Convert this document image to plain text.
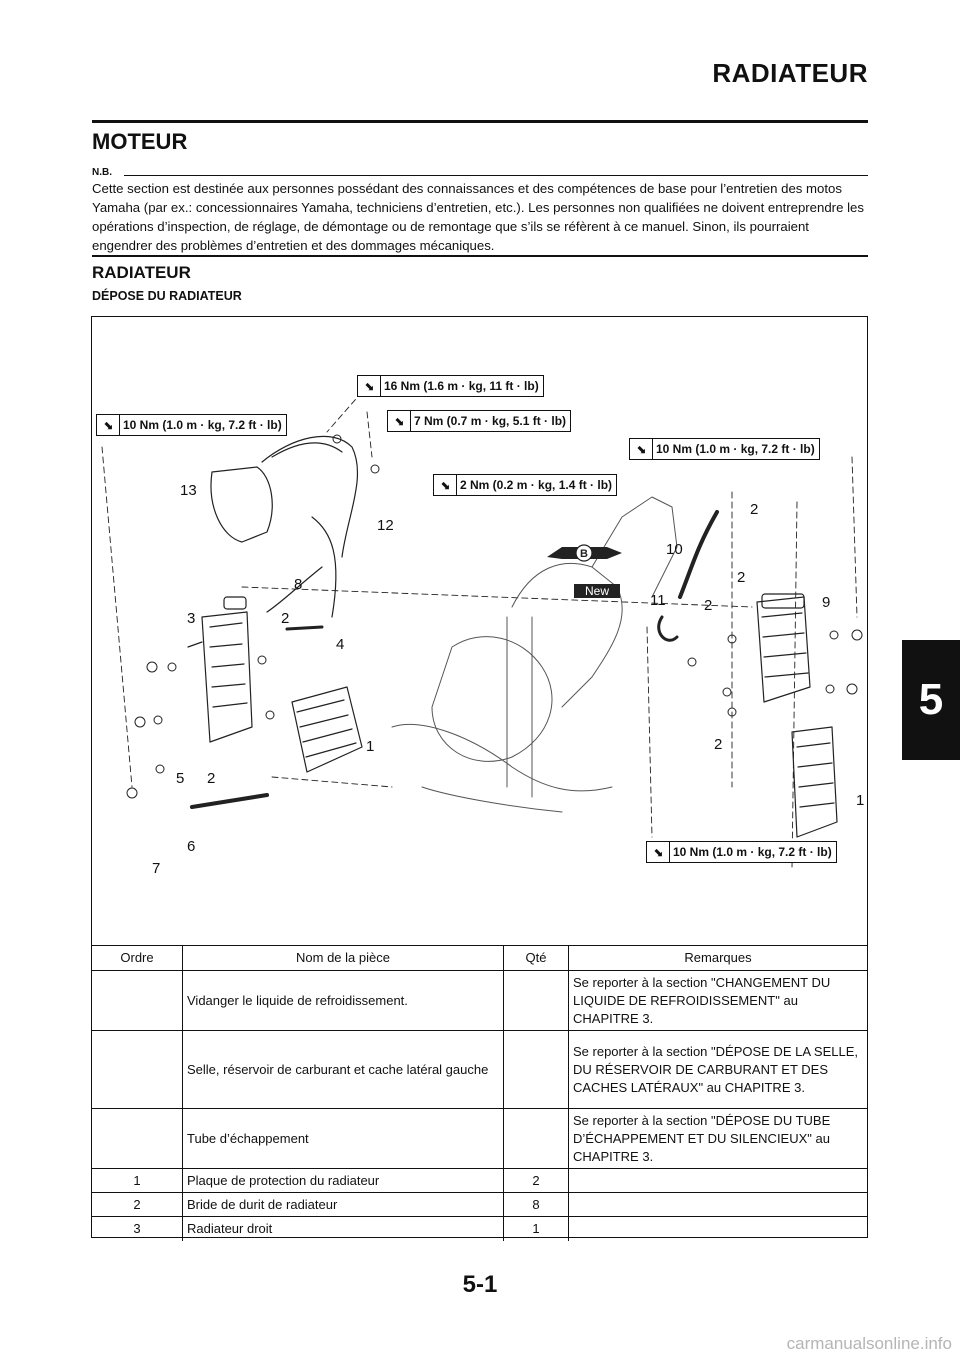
RADIATEUR
MOTEUR
N.B.
Cette section est destinée aux personnes possédant des connaissances et des compétences de base pour l’entretien des motos Yamaha (par ex.: concessionnaires Yamaha, techniciens d’entretien, etc.). Les personnes non qualifiées ne doivent entreprendre les opérations d’inspection, de réglage, de démontage ou de remontage que s’ils se réfèrent à ce manuel. Sinon, ils pourraient engendrer des problèmes d’entretien et des dommages mécaniques.
RADIATEUR
DÉPOSE DU RADIATEUR
13
12
8
3	2
4
5 2
6
7
1
2
10
2
11
2
9
2
1
New
B
⬊ 16 Nm (1.6 m · kg, 11 ft · lb)
⬊ 10 Nm (1.0 m · kg, 7.2 ft · lb)	⬊ 7 Nm (0.7 m · kg, 5.1 ft · lb)
⬊ 10 Nm (1.0 m · kg, 7.2 ft · lb)
⬊ 2 Nm (0.2 m · kg, 1.4 ft · lb)
⬊ 10 Nm (1.0 m · kg, 7.2 ft · lb)
Ordre	Nom de la pièce	Qté	Remarques
	Vidanger le liquide de refroidissement.		Se reporter à la section "CHANGEMENT DU LIQUIDE DE REFROIDISSEMENT" au CHAPITRE 3.
	Selle, réservoir de carburant et cache latéral gauche		Se reporter à la section "DÉPOSE DE LA SELLE, DU RÉSERVOIR DE CARBURANT ET DES CACHES LATÉRAUX" au CHAPITRE 3.
	Tube d’échappement		Se reporter à la section "DÉPOSE DU TUBE D’ÉCHAPPEMENT ET DU SILENCIEUX" au CHAPITRE 3.
1	Plaque de protection du radiateur	2	
2	Bride de durit de radiateur	8	
3	Radiateur droit	1	
5
5-1
carmanualsonline.info
